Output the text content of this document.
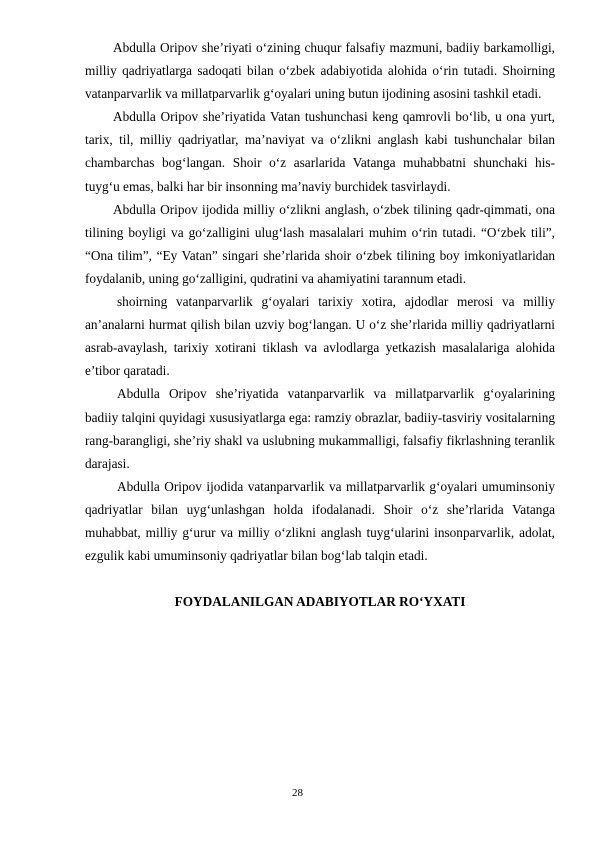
Abdulla Oripov she’riyati o‘zining chuqur falsafiy mazmuni, badiiy barkamolligi, milliy qadriyatlarga sadoqati bilan o‘zbek adabiyotida alohida o‘rin tutadi. Shoirning vatanparvarlik va millatparvarlik g‘oyalari uning butun ijodining asosini tashkil etadi.

Abdulla Oripov she’riyatida Vatan tushunchasi keng qamrovli bo‘lib, u ona yurt, tarix, til, milliy qadriyatlar, ma’naviyat va o‘zlikni anglash kabi tushunchalar bilan chambarchas bog‘langan. Shoir o‘z asarlarida Vatanga muhabbatni shunchaki his-tuyg‘u emas, balki har bir insonning ma’naviy burchidek tasvirlaydi.

Abdulla Oripov ijodida milliy o‘zlikni anglash, o‘zbek tilining qadr-qimmati, ona tilining boyligi va go‘zalligini ulug‘lash masalalari muhim o‘rin tutadi. “O‘zbek tili”, “Ona tilim”, “Ey Vatan” singari she’rlarida shoir o‘zbek tilining boy imkoniyatlaridan foydalanib, uning go‘zalligini, qudratini va ahamiyatini tarannum etadi.

shoirning vatanparvarlik g‘oyalari tarixiy xotira, ajdodlar merosi va milliy an’analarni hurmat qilish bilan uzviy bog‘langan. U o‘z she’rlarida milliy qadriyatlarni asrab-avaylash, tarixiy xotirani tiklash va avlodlarga yetkazish masalalariga alohida e’tibor qaratadi.

Abdulla Oripov she’riyatida vatanparvarlik va millatparvarlik g‘oyalarining badiiy talqini quyidagi xususiyatlarga ega: ramziy obrazlar, badiiy-tasviriy vositalarning rang-barangligi, she’riy shakl va uslubning mukammalligi, falsafiy fikrlashning teranlik darajasi.

Abdulla Oripov ijodida vatanparvarlik va millatparvarlik g‘oyalari umuminsoniy qadriyatlar bilan uyg‘unlashgan holda ifodalanadi. Shoir o‘z she’rlarida Vatanga muhabbat, milliy g‘urur va milliy o‘zlikni anglash tuyg‘ularini insonparvarlik, adolat, ezgulik kabi umuminsoniy qadriyatlar bilan bog‘lab talqin etadi.

FOYDALANILGAN ADABIYOTLAR RO‘YXATI

28
